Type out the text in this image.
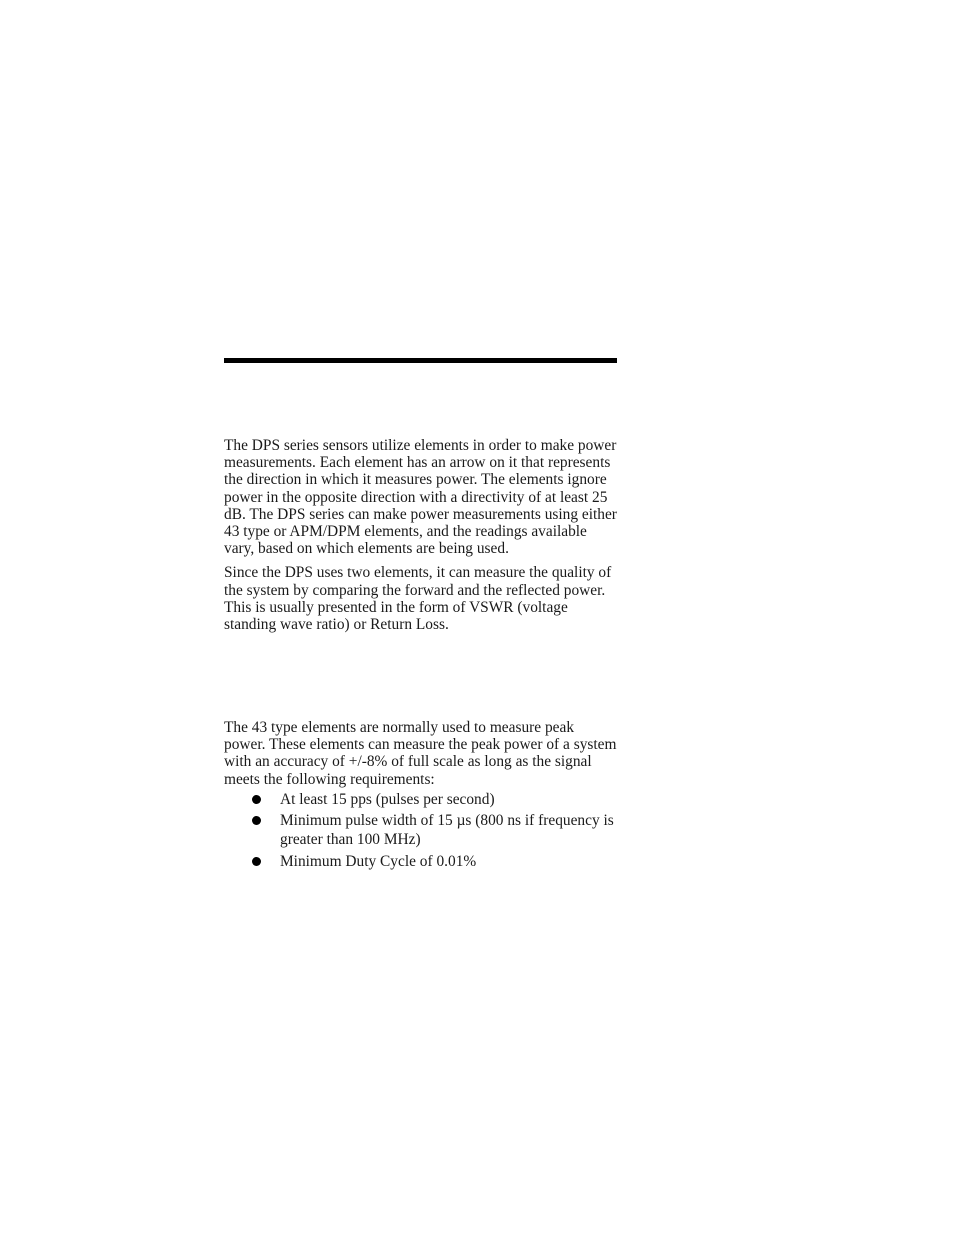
The DPS series sensors utilize elements in order to make power measurements. Each element has an arrow on it that represents the direction in which it measures power. The elements ignore power in the opposite direction with a directivity of at least 25 dB. The DPS series can make power measurements using either 43 type or APM/DPM elements, and the readings available vary, based on which elements are being used.

Since the DPS uses two elements, it can measure the quality of the system by comparing the forward and the reflected power. This is usually presented in the form of VSWR (voltage standing wave ratio) or Return Loss.

The 43 type elements are normally used to measure peak power. These elements can measure the peak power of a system with an accuracy of +/-8% of full scale as long as the signal meets the following requirements:

At least 15 pps (pulses per second)
Minimum pulse width of 15 µs (800 ns if frequency is greater than 100 MHz)
Minimum Duty Cycle of 0.01%
